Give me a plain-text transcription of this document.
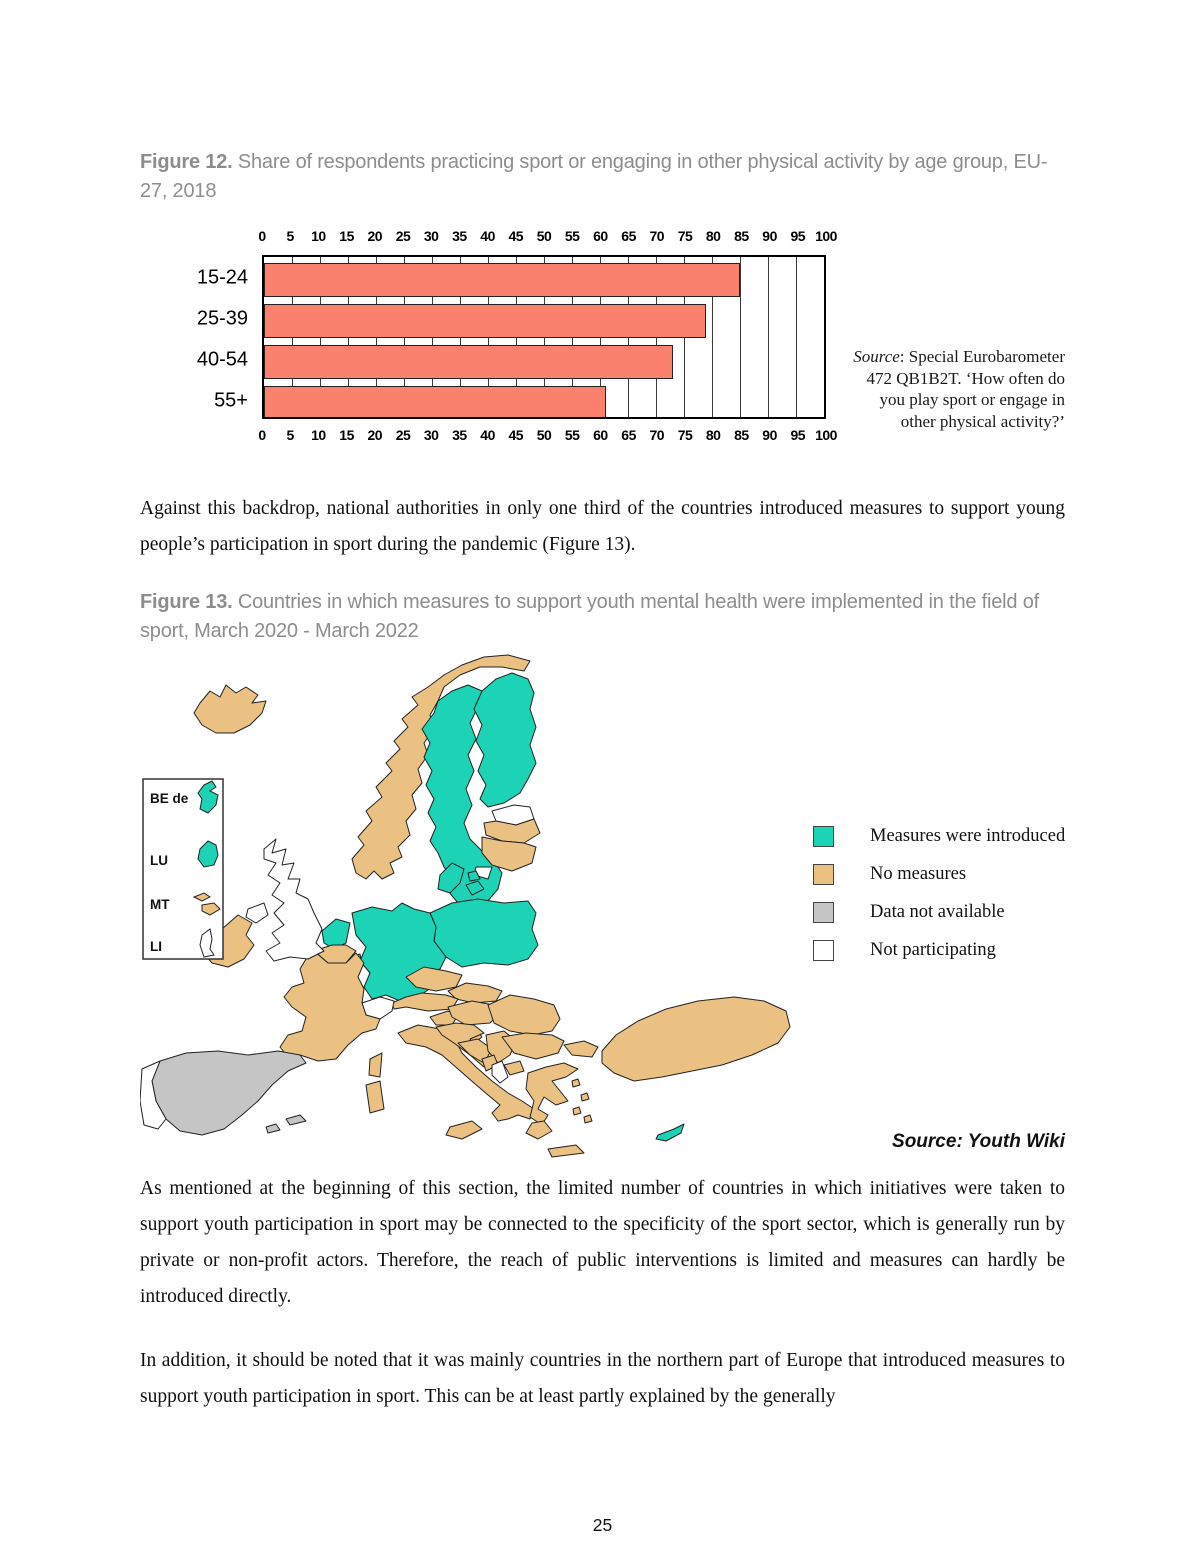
Figure 12. Share of respondents practicing sport or engaging in other physical activity by age group, EU-27, 2018
0 5 10 15 20 25 30 35 40 45 50 55 60 65 70 75 80 85 90 95 100
0 5 10 15 20 25 30 35 40 45 50 55 60 65 70 75 80 85 90 95 100
15-24
25-39
40-54
55+
Source: Special Eurobarometer 472 QB1B2T. ‘How often do you play sport or engage in other physical activity?’

Against this backdrop, national authorities in only one third of the countries introduced measures to support young people’s participation in sport during the pandemic (Figure 13).

Figure 13. Countries in which measures to support youth mental health were implemented in the field of sport, March 2020 - March 2022
BE de
LU
MT
LI
Measures were introduced
No measures
Data not available
Not participating
Source: Youth Wiki

As mentioned at the beginning of this section, the limited number of countries in which initiatives were taken to support youth participation in sport may be connected to the specificity of the sport sector, which is generally run by private or non-profit actors. Therefore, the reach of public interventions is limited and measures can hardly be introduced directly.

In addition, it should be noted that it was mainly countries in the northern part of Europe that introduced measures to support youth participation in sport. This can be at least partly explained by the generally

25
